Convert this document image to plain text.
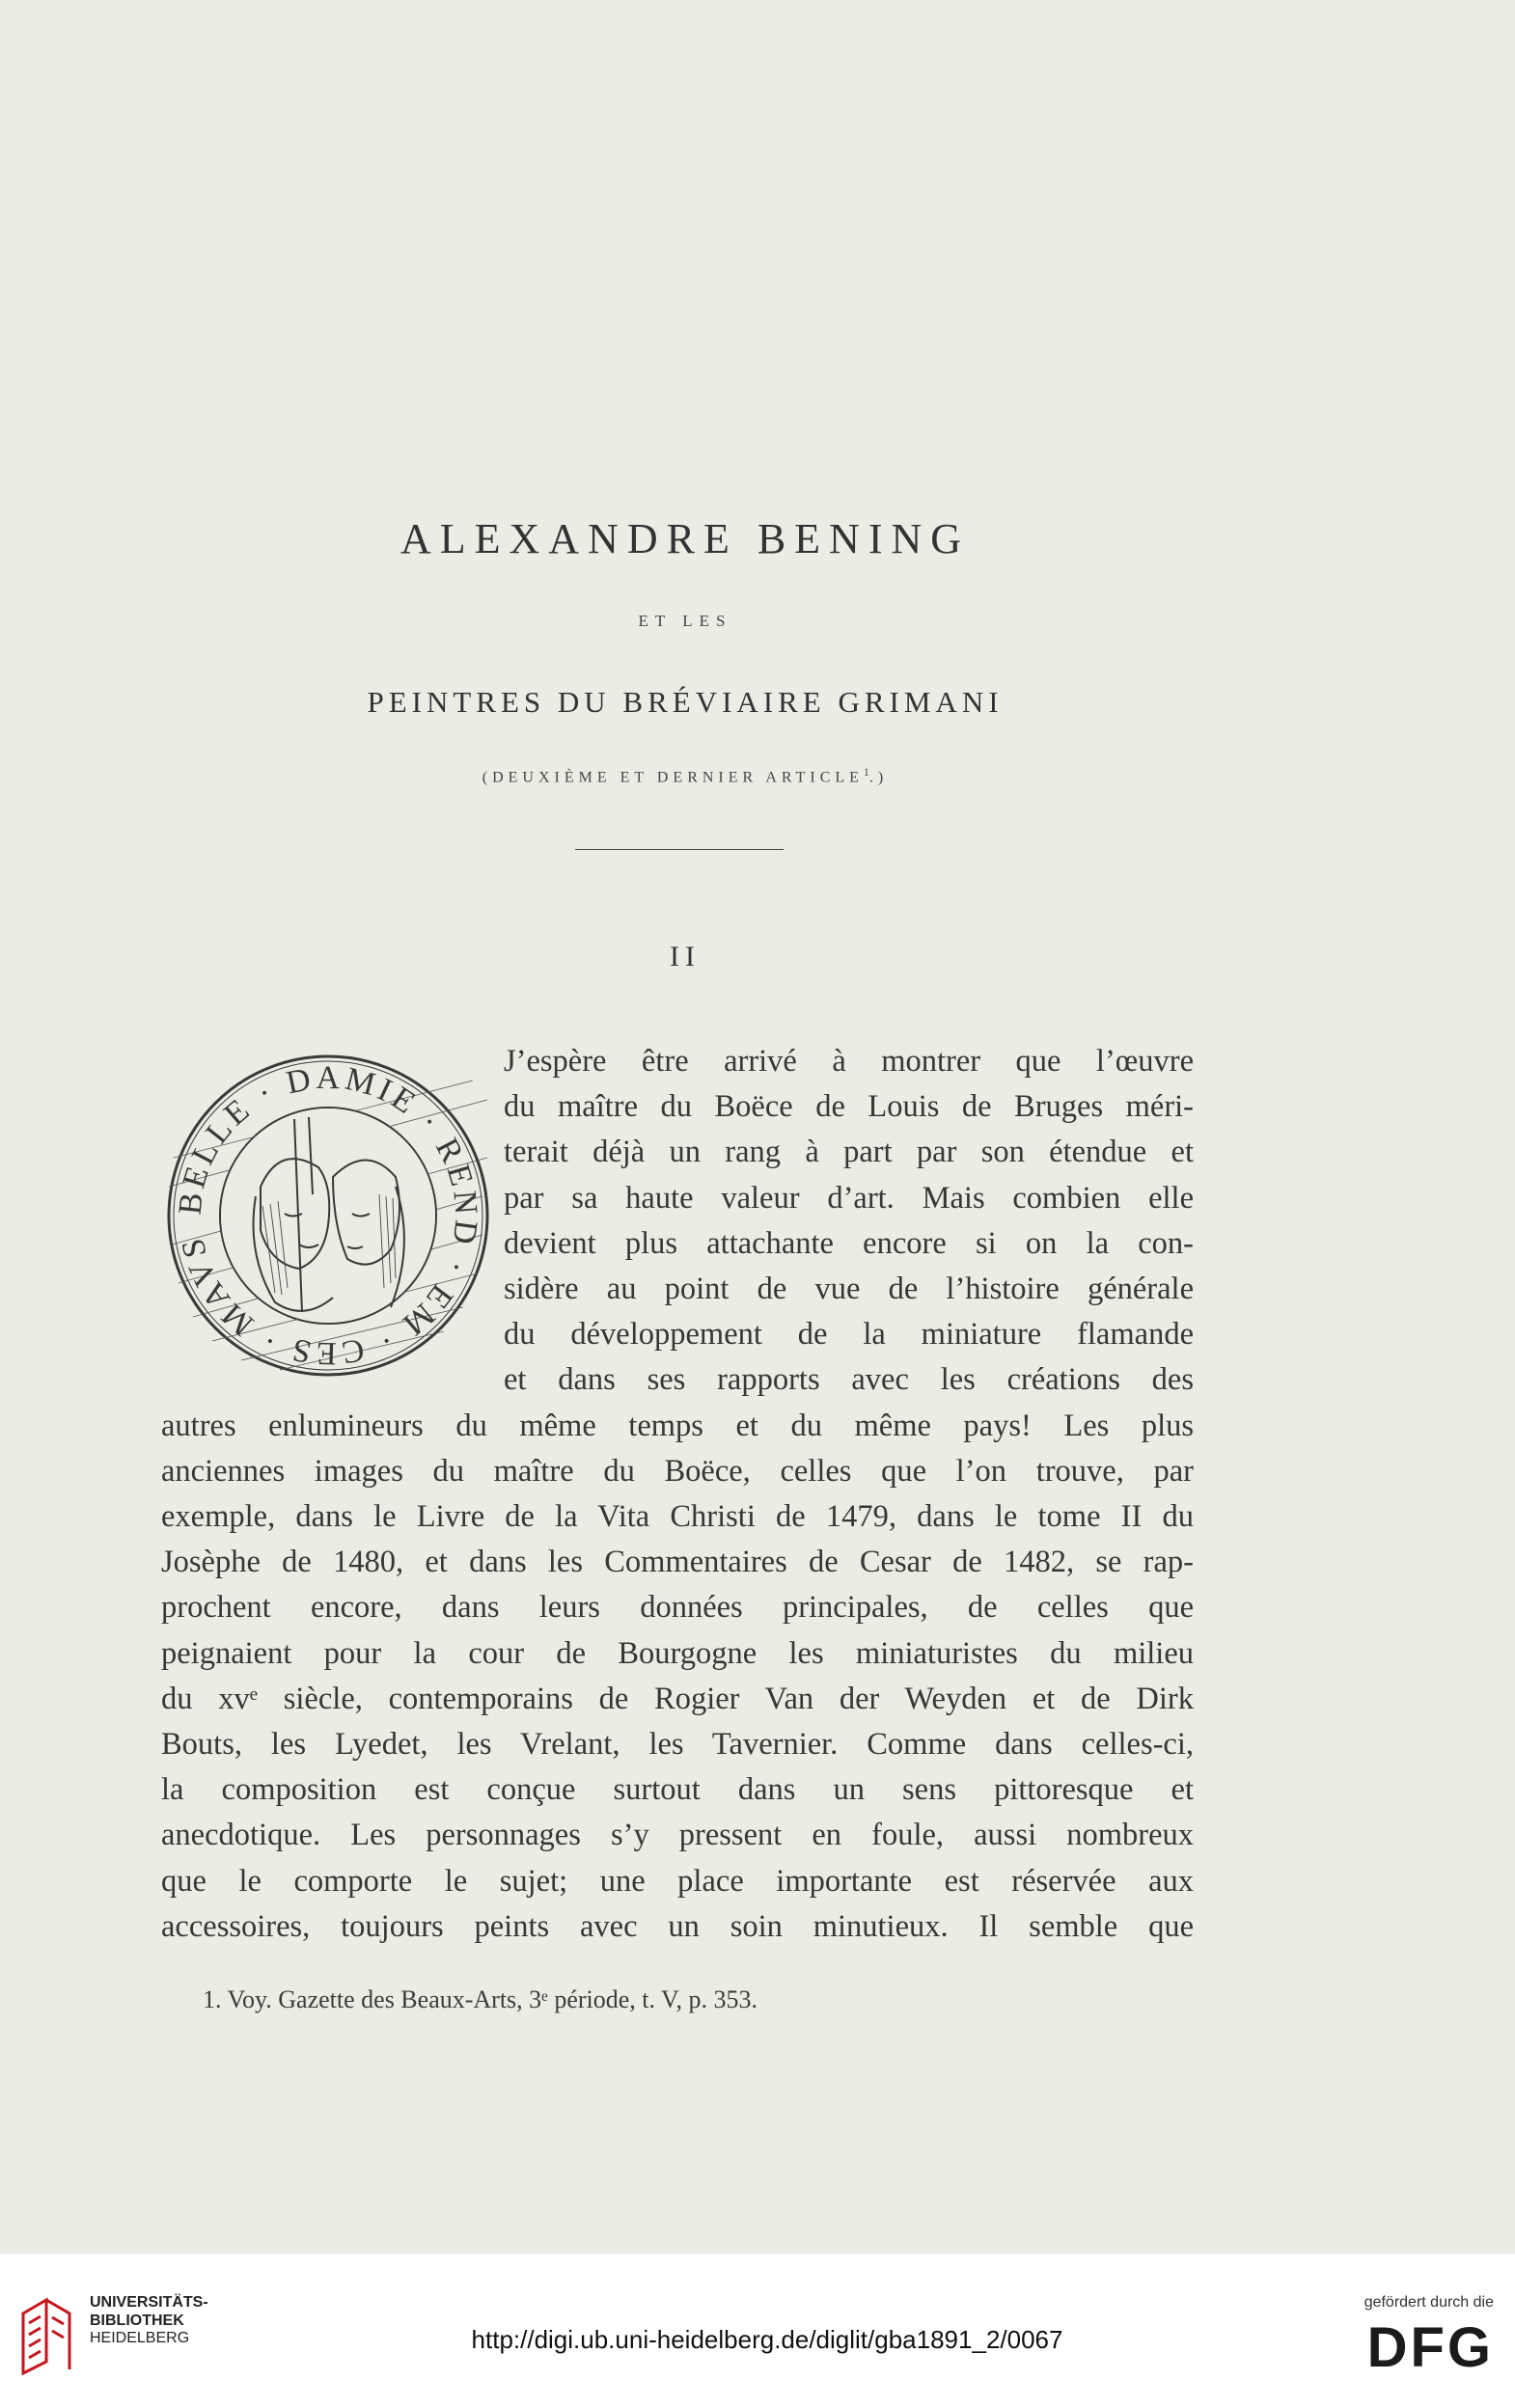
ALEXANDRE BENING
ET LES
PEINTRES DU BRÉVIAIRE GRIMANI
(DEUXIÈME ET DERNIER ARTICLE$^1$.)
II
BELLE · DAMIE · REND · EM · CES · MAVS
J’espère être arrivé à montrer que l’œuvre
du maître du Boëce de Louis de Bruges méri-
terait déjà un rang à part par son étendue et
par sa haute valeur d’art. Mais combien elle
devient plus attachante encore si on la con-
sidère au point de vue de l’histoire générale
du développement de la miniature flamande
et dans ses rapports avec les créations des
autres enlumineurs du même temps et du même pays! Les plus
anciennes images du maître du Boëce, celles que l’on trouve, par
exemple, dans le Livre de la Vita Christi de 1479, dans le tome II du
Josèphe de 1480, et dans les Commentaires de Cesar de 1482, se rap-
prochent encore, dans leurs données principales, de celles que
peignaient pour la cour de Bourgogne les miniaturistes du milieu
du xvᵉ siècle, contemporains de Rogier Van der Weyden et de Dirk
Bouts, les Lyedet, les Vrelant, les Tavernier. Comme dans celles-ci,
la composition est conçue surtout dans un sens pittoresque et
anecdotique. Les personnages s’y pressent en foule, aussi nombreux
que le comporte le sujet; une place importante est réservée aux
accessoires, toujours peints avec un soin minutieux. Il semble que
1. Voy. Gazette des Beaux-Arts, 3ᵉ période, t. V, p. 353.
UNIVERSITÄTS-
BIBLIOTHEK
HEIDELBERG	http://digi.ub.uni-heidelberg.de/diglit/gba1891_2/0067
gefördert durch die
DFG
